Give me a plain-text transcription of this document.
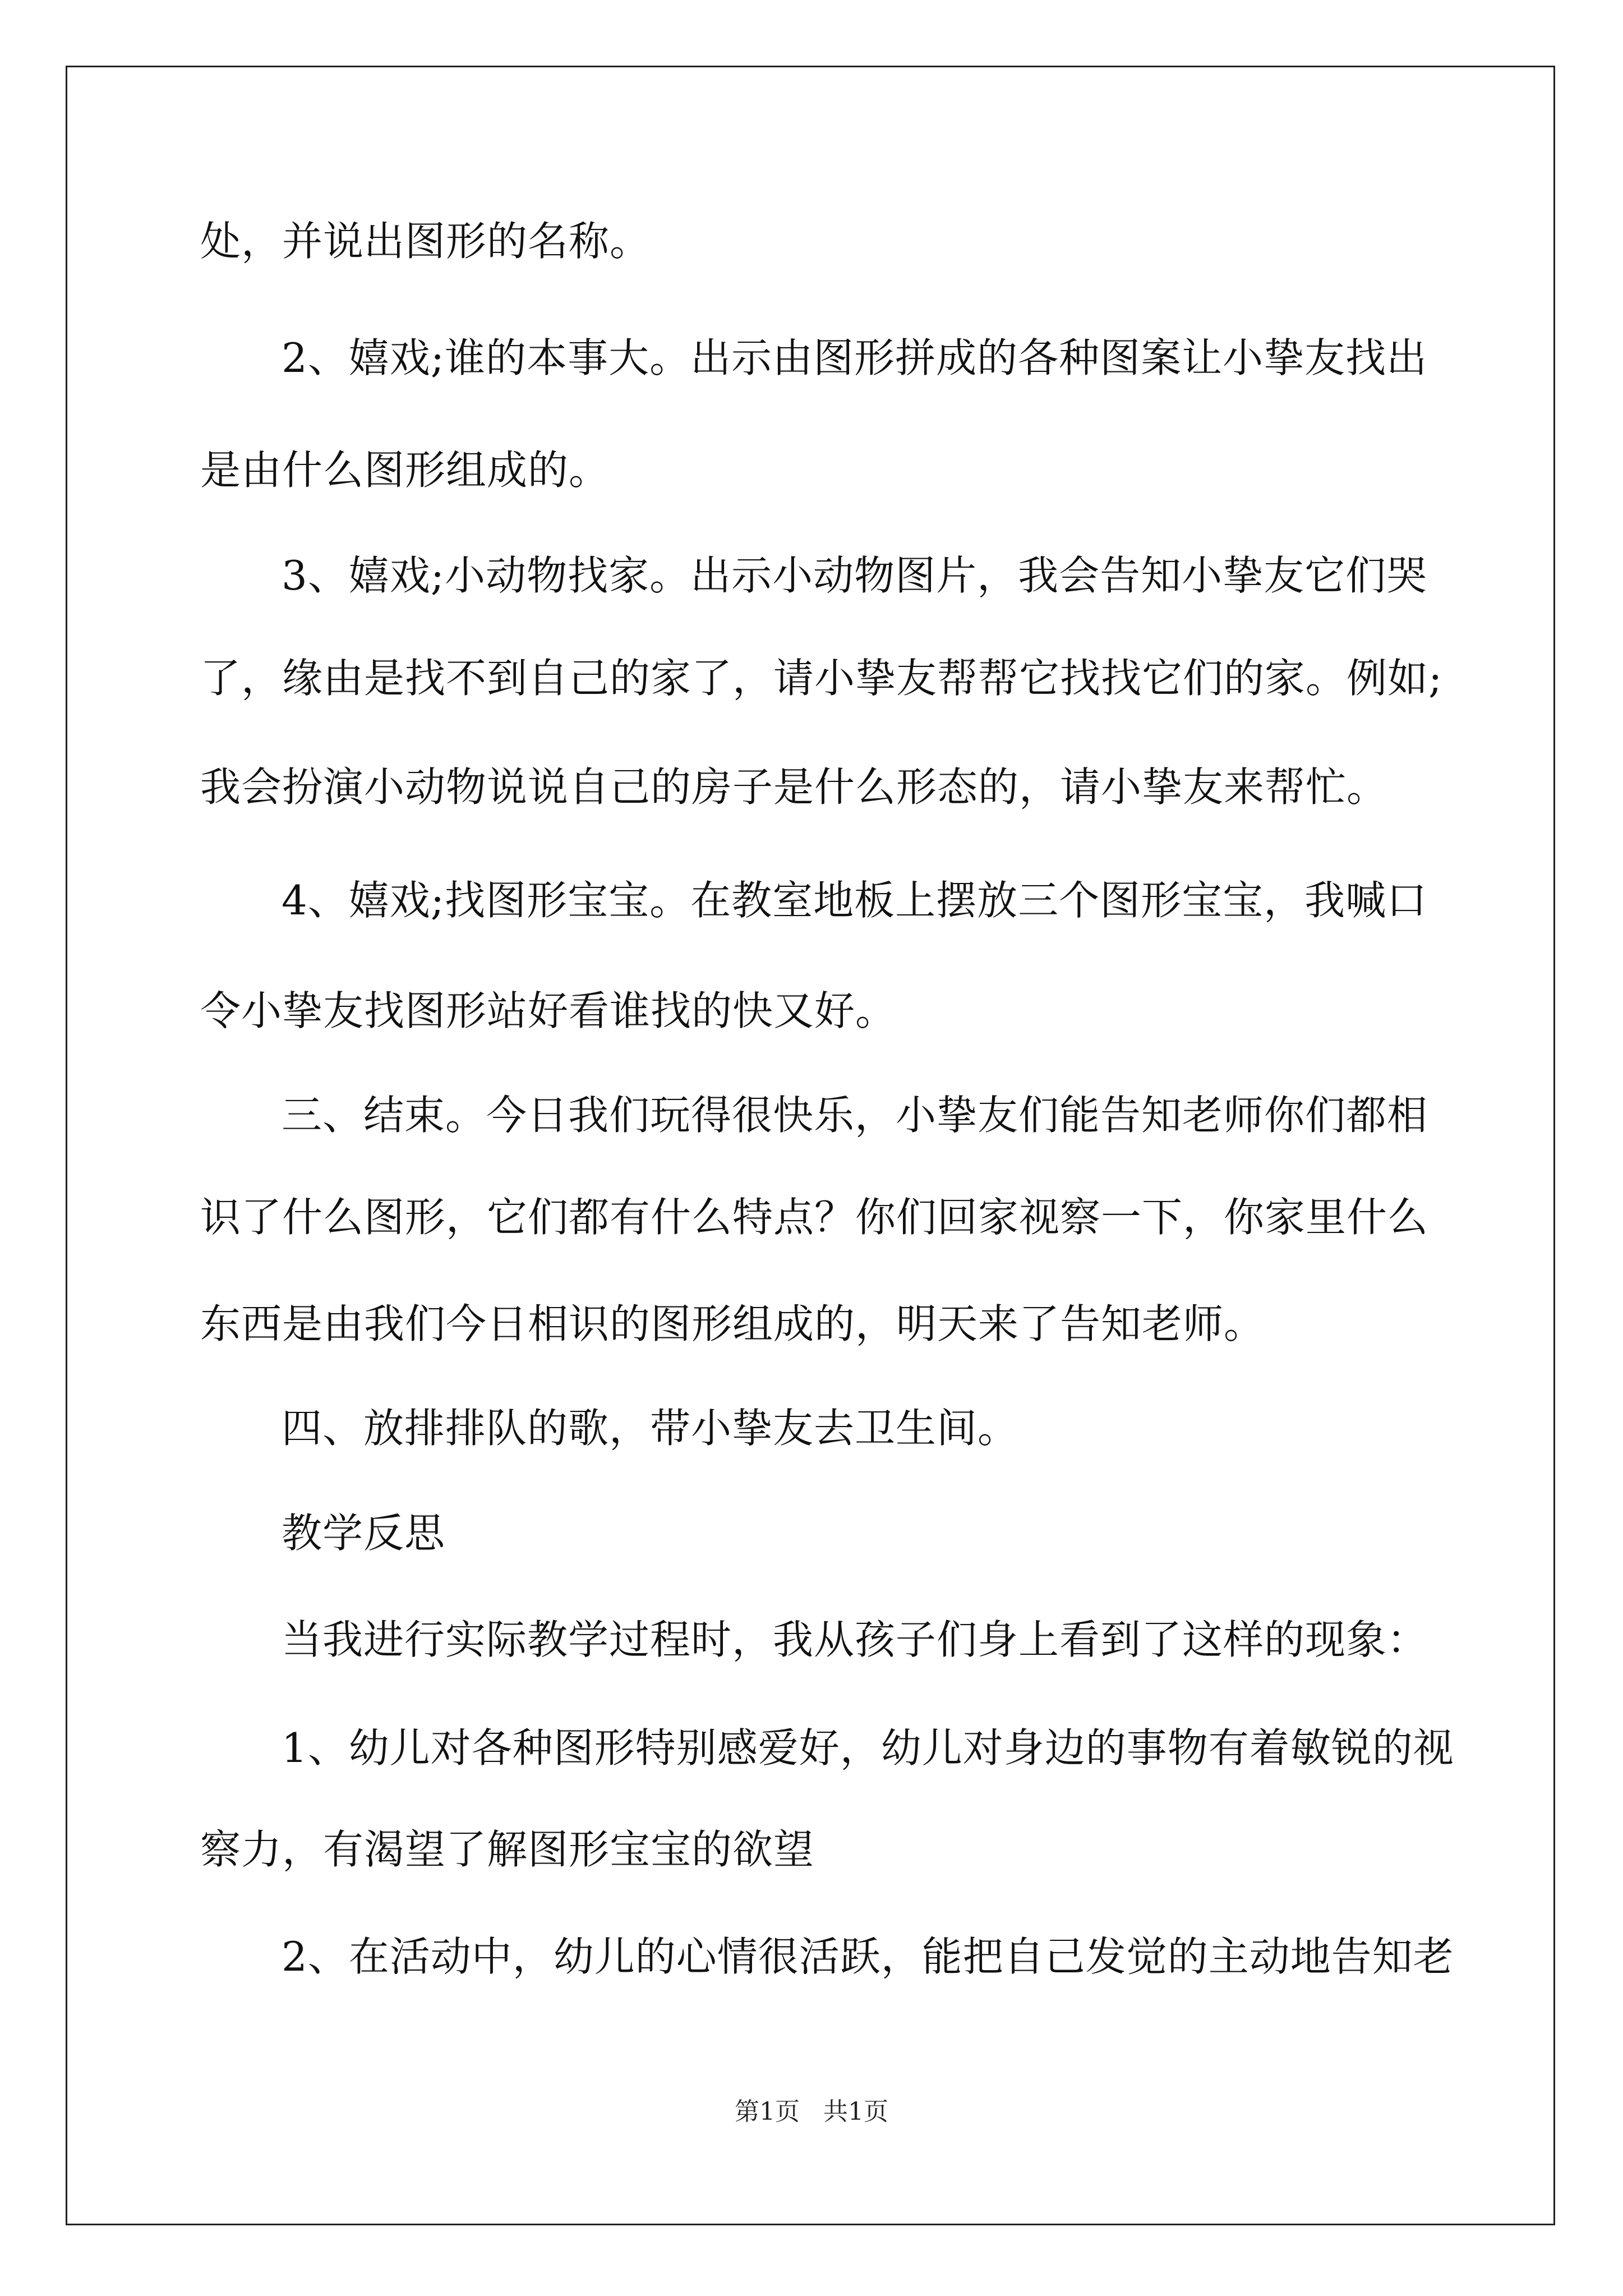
处，并说出图形的名称。
2、嬉戏;谁的本事大。出示由图形拼成的各种图案让小挚友找出
是由什么图形组成的。
3、嬉戏;小动物找家。出示小动物图片，我会告知小挚友它们哭
了，缘由是找不到自己的家了，请小挚友帮帮它找找它们的家。例如;
我会扮演小动物说说自己的房子是什么形态的，请小挚友来帮忙。
4、嬉戏;找图形宝宝。在教室地板上摆放三个图形宝宝，我喊口
令小挚友找图形站好看谁找的快又好。
三、结束。今日我们玩得很快乐，小挚友们能告知老师你们都相
识了什么图形，它们都有什么特点？你们回家视察一下，你家里什么
东西是由我们今日相识的图形组成的，明天来了告知老师。
四、放排排队的歌，带小挚友去卫生间。
教学反思
当我进行实际教学过程时，我从孩子们身上看到了这样的现象：
1、幼儿对各种图形特别感爱好，幼儿对身边的事物有着敏锐的视
察力，有渴望了解图形宝宝的欲望
2、在活动中，幼儿的心情很活跃，能把自己发觉的主动地告知老
第1页 共1页
